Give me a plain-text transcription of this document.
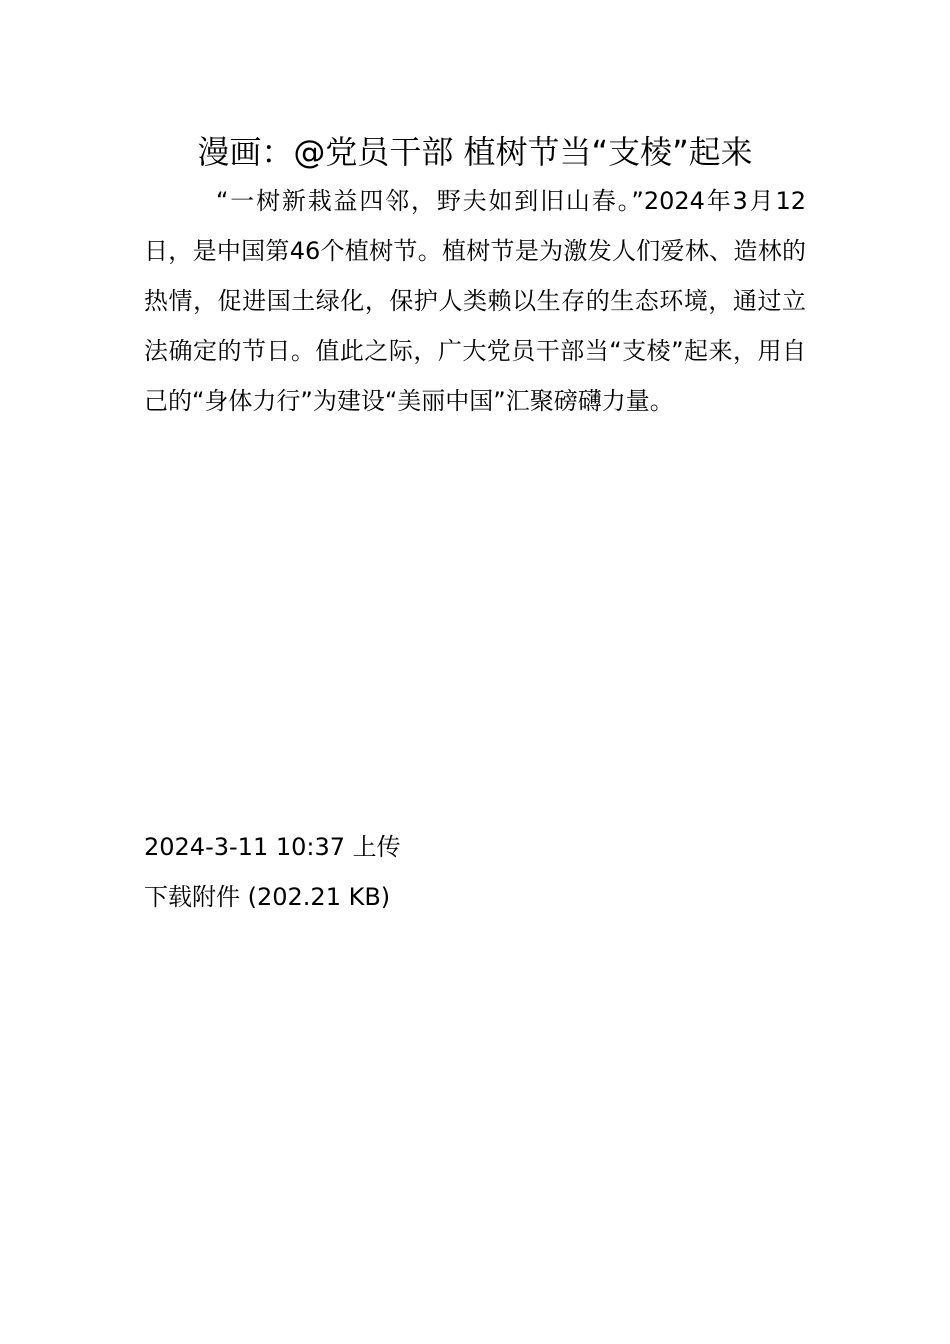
漫画：@党员干部 植树节当“支棱”起来

“一树新栽益四邻，野夫如到旧山春。”2024年3月12日，是中国第46个植树节。植树节是为激发人们爱林、造林的热情，促进国土绿化，保护人类赖以生存的生态环境，通过立法确定的节日。值此之际，广大党员干部当“支棱”起来，用自己的“身体力行”为建设“美丽中国”汇聚磅礴力量。

2024-3-11 10:37 上传
下载附件 (202.21 KB)
